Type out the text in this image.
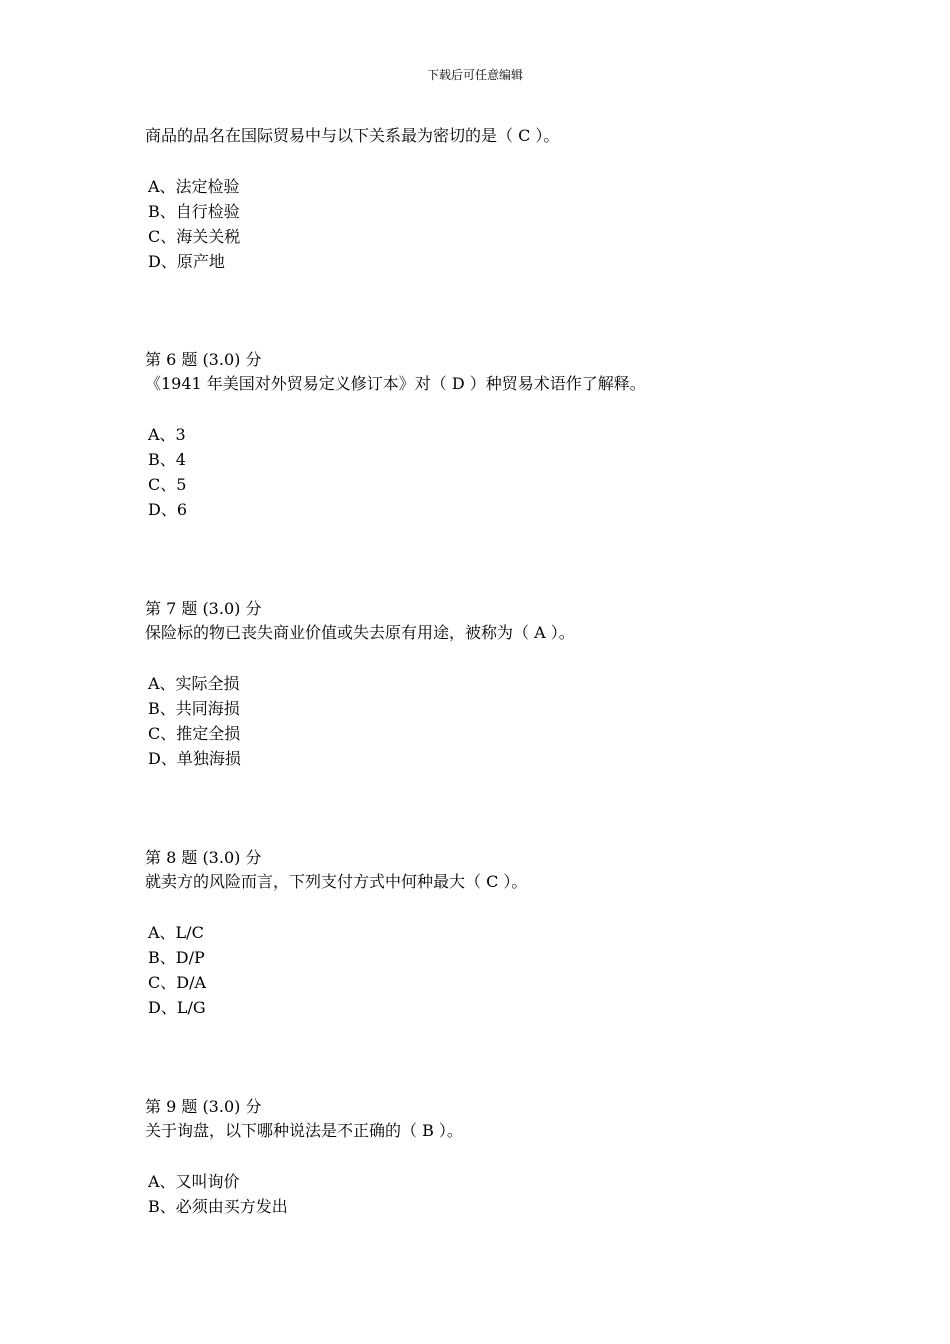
下载后可任意编辑
商品的品名在国际贸易中与以下关系最为密切的是（ C ）。
A、法定检验
B、自行检验
C、海关关税
D、原产地
第 6 题 (3.0) 分
《1941 年美国对外贸易定义修订本》对（ D ）种贸易术语作了解释。
A、3
B、4
C、5
D、6
第 7 题 (3.0) 分
保险标的物已丧失商业价值或失去原有用途，被称为（ A ）。
A、实际全损
B、共同海损
C、推定全损
D、单独海损
第 8 题 (3.0) 分
就卖方的风险而言，下列支付方式中何种最大（ C ）。
A、L/C
B、D/P
C、D/A
D、L/G
第 9 题 (3.0) 分
关于询盘，以下哪种说法是不正确的（ B ）。
A、又叫询价
B、必须由买方发出
